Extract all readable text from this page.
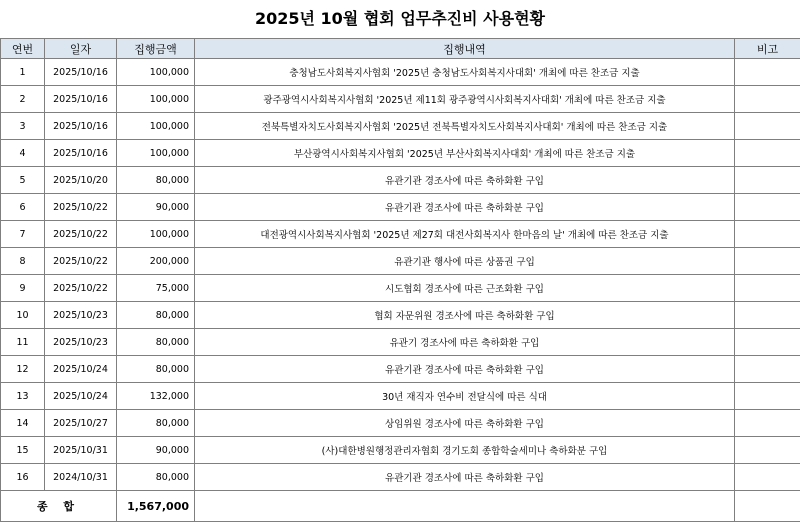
2025년 10월 협회 업무추진비 사용현황
연번	일자	집행금액	집행내역	비고
1	2025/10/16	100,000	충청남도사회복지사협회 '2025년 충청남도사회복지사대회' 개최에 따른 찬조금 지출	
2	2025/10/16	100,000	광주광역시사회복지사협회 '2025년 제11회 광주광역시사회복지사대회' 개최에 따른 찬조금 지출	
3	2025/10/16	100,000	전북특별자치도사회복지사협회 '2025년 전북특별자치도사회복지사대회' 개최에 따른 찬조금 지출	
4	2025/10/16	100,000	부산광역시사회복지사협회 '2025년 부산사회복지사대회' 개최에 따른 찬조금 지출	
5	2025/10/20	80,000	유관기관 경조사에 따른 축하화환 구입	
6	2025/10/22	90,000	유관기관 경조사에 따른 축하화분 구입	
7	2025/10/22	100,000	대전광역시사회복지사협회 '2025년 제27회 대전사회복지사 한마음의 날' 개최에 따른 찬조금 지출	
8	2025/10/22	200,000	유관기관 행사에 따른 상품권 구입	
9	2025/10/22	75,000	시도협회 경조사에 따른 근조화환 구입	
10	2025/10/23	80,000	협회 자문위원 경조사에 따른 축하화환 구입	
11	2025/10/23	80,000	유관기 경조사에 따른 축하화환 구입	
12	2025/10/24	80,000	유관기관 경조사에 따른 축하화환 구입	
13	2025/10/24	132,000	30년 재직자 연수비 전달식에 따른 식대	
14	2025/10/27	80,000	상임위원 경조사에 따른 축하화환 구입	
15	2025/10/31	90,000	(사)대한병원행정관리자협회 경기도회 종합학술세미나 축하화분 구입	
16	2024/10/31	80,000	유관기관 경조사에 따른 축하화환 구입	
종 합		1,567,000		
